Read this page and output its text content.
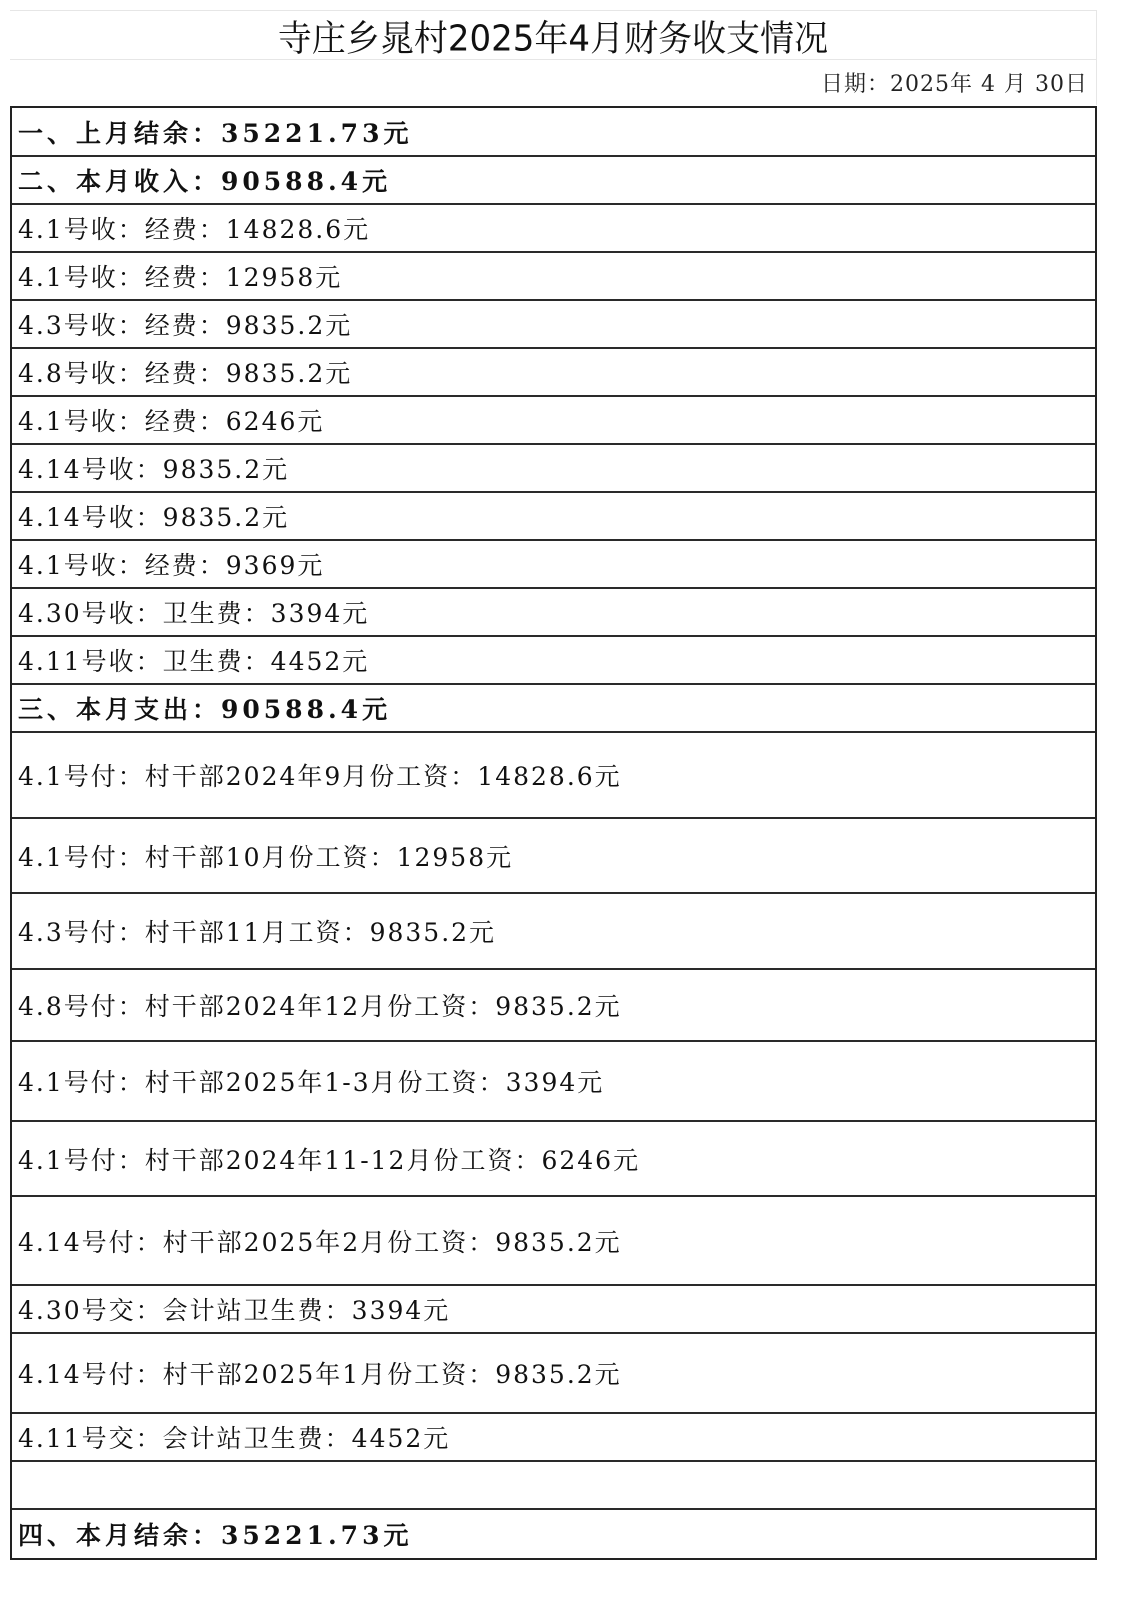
寺庄乡晁村2025年4月财务收支情况
日期：2025年 4 月 30日
一、上月结余：35221.73元
二、本月收入：90588.4元
4.1号收：经费：14828.6元
4.1号收：经费：12958元
4.3号收：经费：9835.2元
4.8号收：经费：9835.2元
4.1号收：经费：6246元
4.14号收：9835.2元
4.14号收：9835.2元
4.1号收：经费：9369元
4.30号收：卫生费：3394元
4.11号收：卫生费：4452元
三、本月支出：90588.4元
4.1号付：村干部2024年9月份工资：14828.6元
4.1号付：村干部10月份工资：12958元
4.3号付：村干部11月工资：9835.2元
4.8号付：村干部2024年12月份工资：9835.2元
4.1号付：村干部2025年1-3月份工资：3394元
4.1号付：村干部2024年11-12月份工资：6246元
4.14号付：村干部2025年2月份工资：9835.2元
4.30号交：会计站卫生费：3394元
4.14号付：村干部2025年1月份工资：9835.2元
4.11号交：会计站卫生费：4452元
四、本月结余：35221.73元
